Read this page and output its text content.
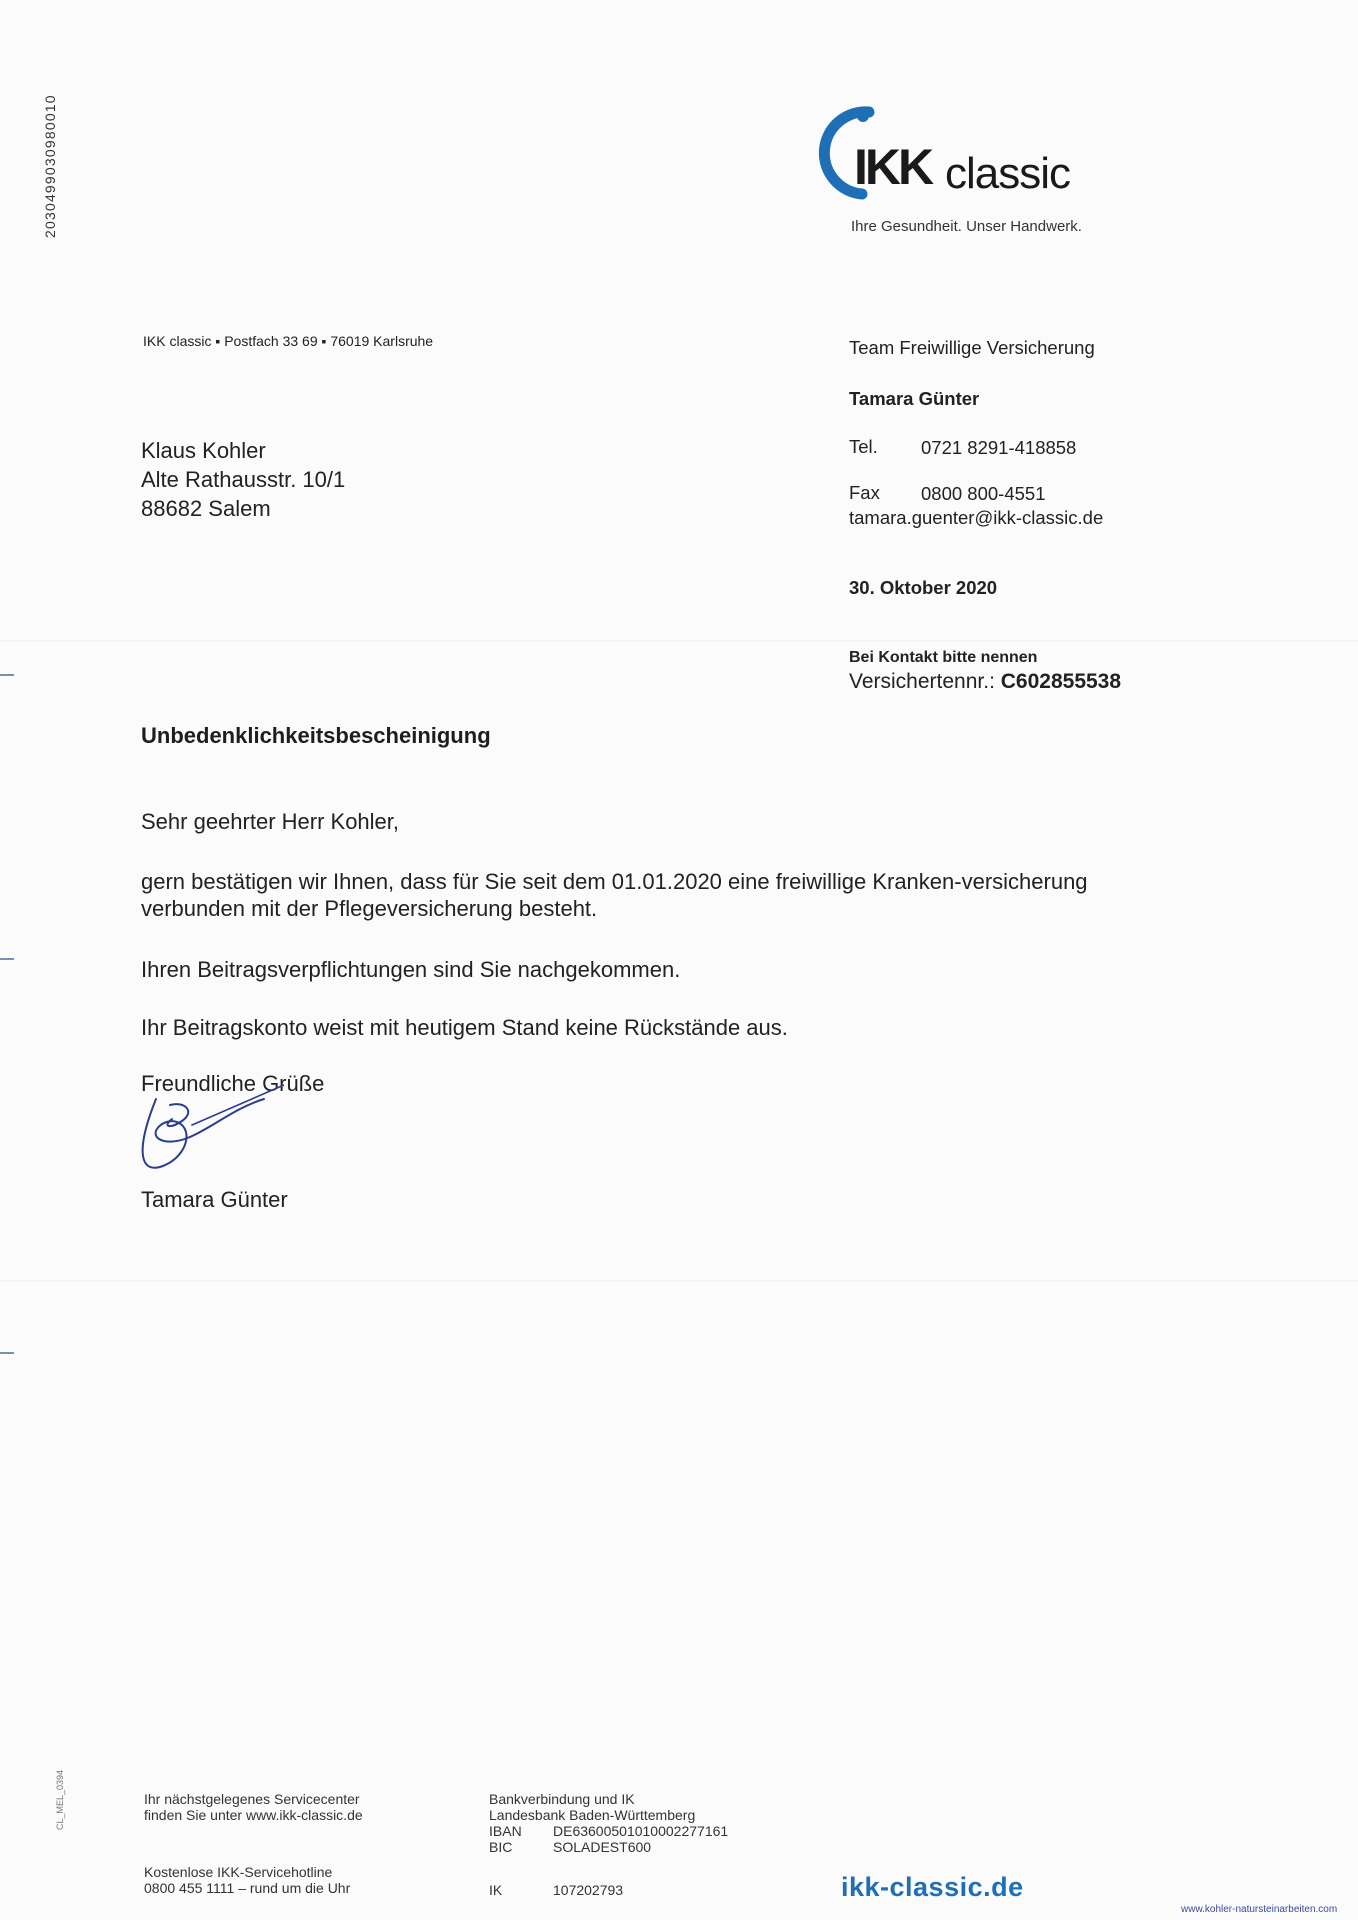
2030499030980010
CL_MEL_0394
IKK classic
Ihre Gesundheit. Unser Handwerk.
IKK classic ▪ Postfach 33 69 ▪ 76019 Karlsruhe
Klaus Kohler
Alte Rathausstr. 10/1
88682 Salem
Team Freiwillige Versicherung
Tamara Günter
Tel. 0721 8291-418858
Fax 0800 800-4551
tamara.guenter@ikk-classic.de
30. Oktober 2020
Bei Kontakt bitte nennen
Versichertennr.: C602855538
Unbedenklichkeitsbescheinigung
Sehr geehrter Herr Kohler,
gern bestätigen wir Ihnen, dass für Sie seit dem 01.01.2020 eine freiwillige Kranken-versicherung verbunden mit der Pflegeversicherung besteht.
Ihren Beitragsverpflichtungen sind Sie nachgekommen.
Ihr Beitragskonto weist mit heutigem Stand keine Rückstände aus.
Freundliche Grüße
Tamara Günter
Ihr nächstgelegenes Servicecenter
finden Sie unter www.ikk-classic.de
Kostenlose IKK-Servicehotline
0800 455 1111 – rund um die Uhr
Bankverbindung und IK
Landesbank Baden-Württemberg
IBAN DE63600501010002277161
BIC	SOLADEST600
IK	107202793	ikk-classic.de
www.kohler-natursteinarbeiten.com
